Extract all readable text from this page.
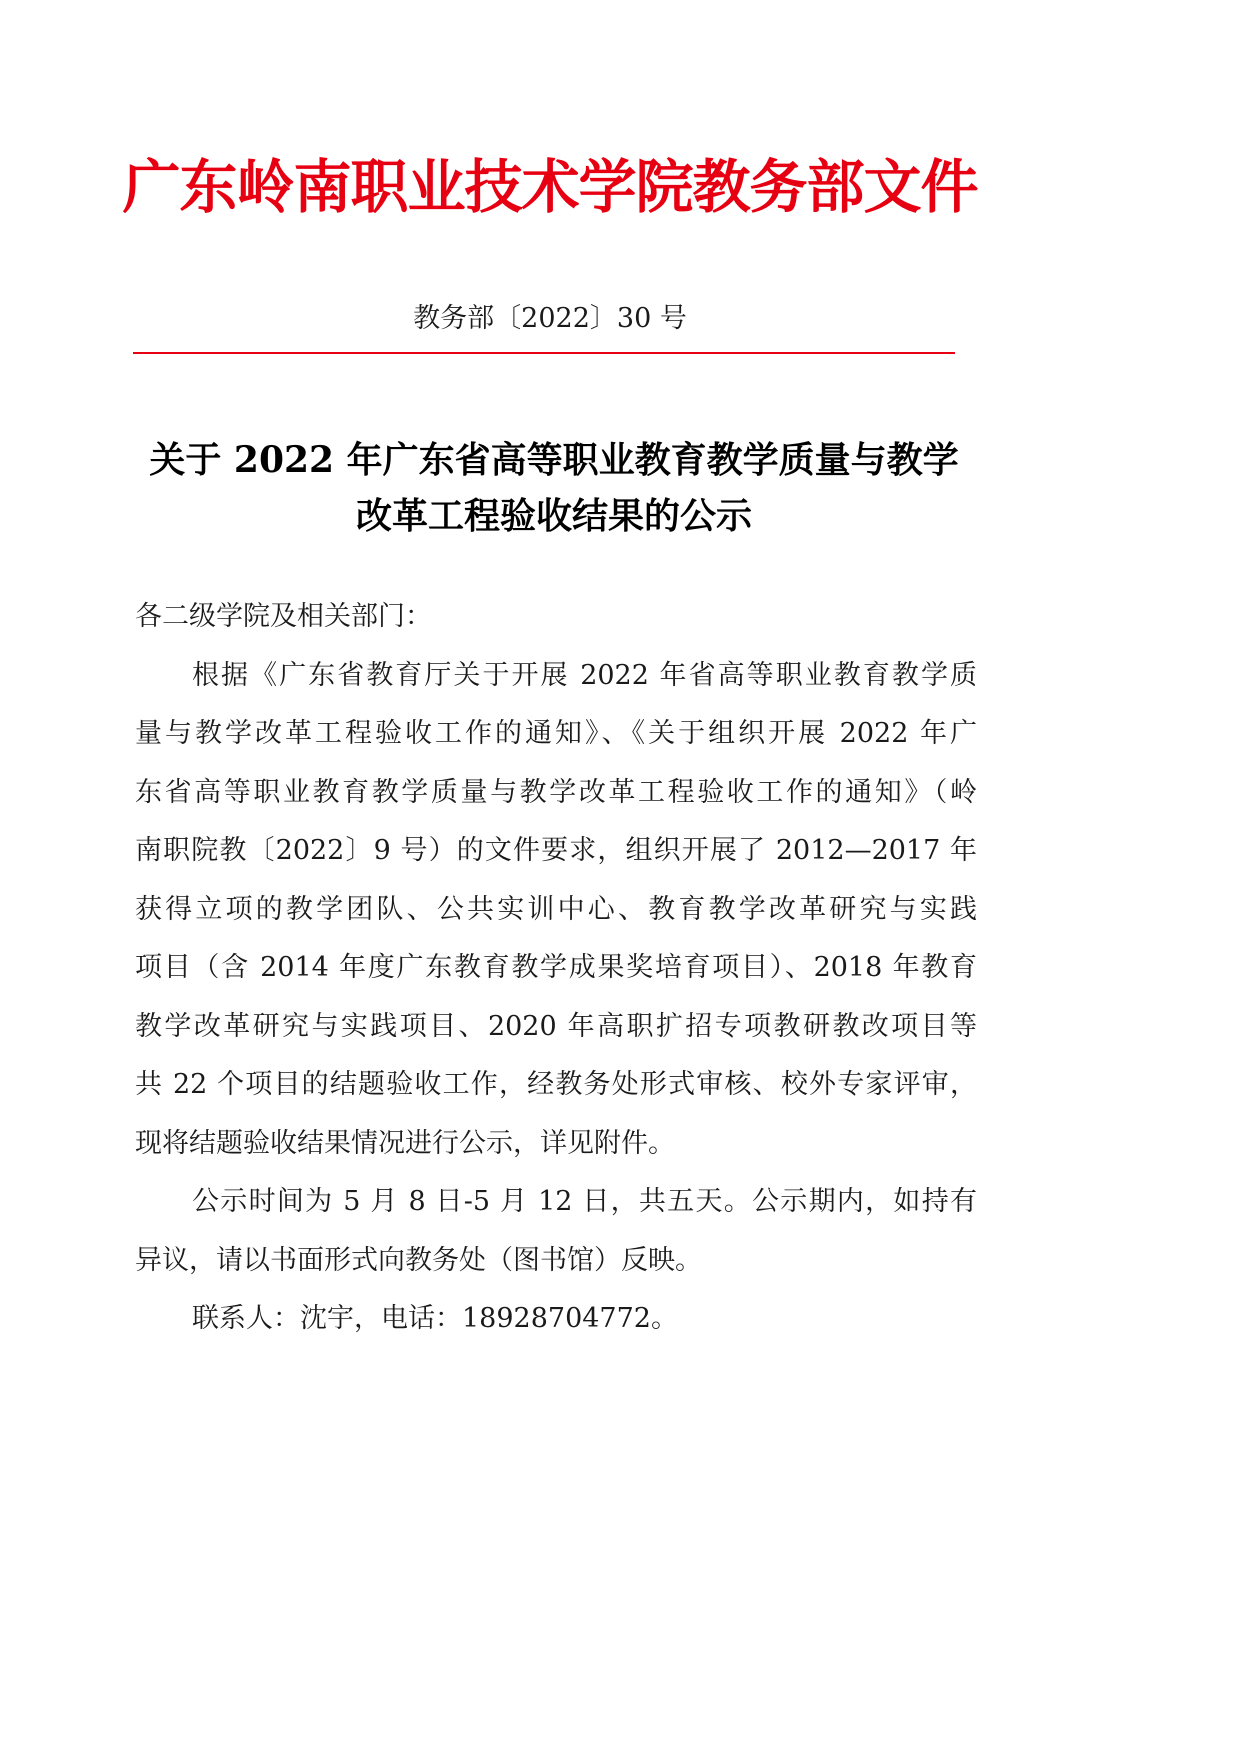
广东岭南职业技术学院教务部文件
教务部〔2022〕30 号
关于 2022 年广东省高等职业教育教学质量与教学
改革工程验收结果的公示
各二级学院及相关部门：
根据《广东省教育厅关于开展 2022 年省高等职业教育教学质
量与教学改革工程验收工作的通知》、《关于组织开展 2022 年广
东省高等职业教育教学质量与教学改革工程验收工作的通知》（岭
南职院教〔2022〕9 号）的文件要求，组织开展了 2012—2017 年
获得立项的教学团队、公共实训中心、教育教学改革研究与实践
项目（含 2014 年度广东教育教学成果奖培育项目）、2018 年教育
教学改革研究与实践项目、2020 年高职扩招专项教研教改项目等
共 22 个项目的结题验收工作，经教务处形式审核、校外专家评审，
现将结题验收结果情况进行公示，详见附件。
公示时间为 5 月 8 日-5 月 12 日，共五天。公示期内，如持有
异议，请以书面形式向教务处（图书馆）反映。
联系人：沈宇，电话：18928704772。
